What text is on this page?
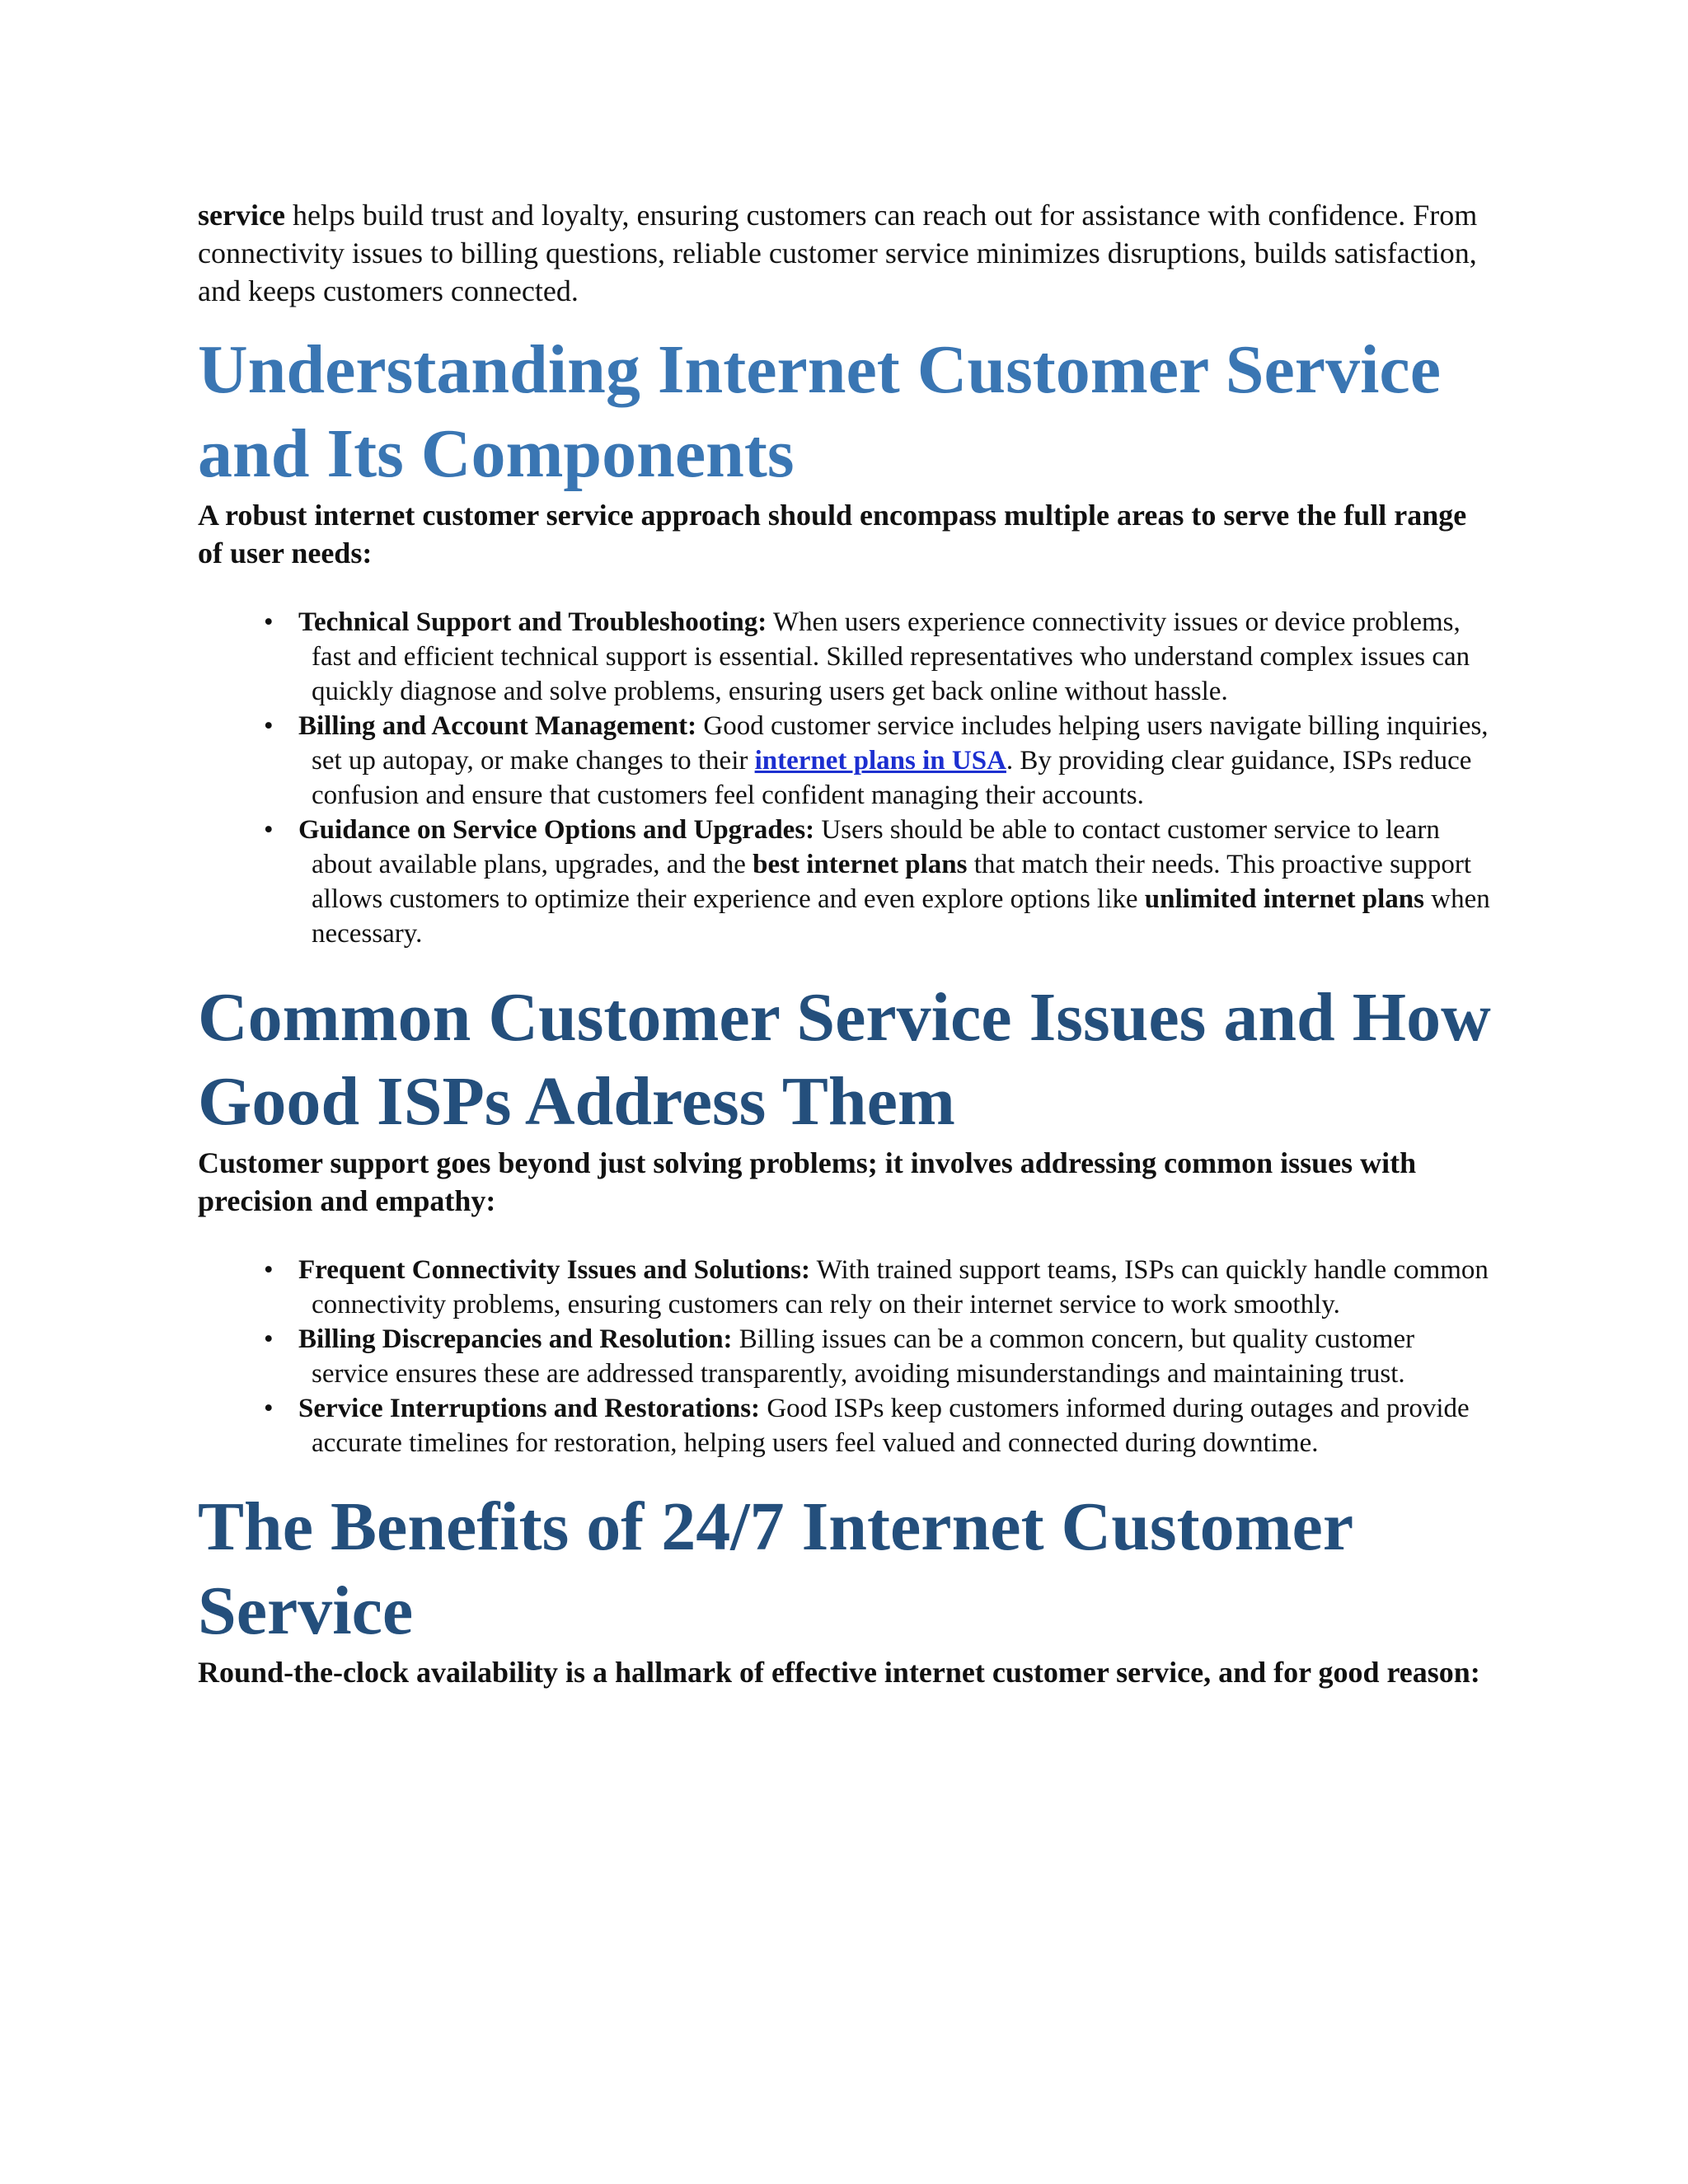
service helps build trust and loyalty, ensuring customers can reach out for assistance with confidence. From connectivity issues to billing questions, reliable customer service minimizes disruptions, builds satisfaction, and keeps customers connected.

Understanding Internet Customer Service and Its Components

A robust internet customer service approach should encompass multiple areas to serve the full range of user needs:

• Technical Support and Troubleshooting: When users experience connectivity issues or device problems, fast and efficient technical support is essential. Skilled representatives who understand complex issues can quickly diagnose and solve problems, ensuring users get back online without hassle.
• Billing and Account Management: Good customer service includes helping users navigate billing inquiries, set up autopay, or make changes to their internet plans in USA. By providing clear guidance, ISPs reduce confusion and ensure that customers feel confident managing their accounts.
• Guidance on Service Options and Upgrades: Users should be able to contact customer service to learn about available plans, upgrades, and the best internet plans that match their needs. This proactive support allows customers to optimize their experience and even explore options like unlimited internet plans when necessary.
Common Customer Service Issues and How Good ISPs Address Them

Customer support goes beyond just solving problems; it involves addressing common issues with precision and empathy:

• Frequent Connectivity Issues and Solutions: With trained support teams, ISPs can quickly handle common connectivity problems, ensuring customers can rely on their internet service to work smoothly.
• Billing Discrepancies and Resolution: Billing issues can be a common concern, but quality customer service ensures these are addressed transparently, avoiding misunderstandings and maintaining trust.
• Service Interruptions and Restorations: Good ISPs keep customers informed during outages and provide accurate timelines for restoration, helping users feel valued and connected during downtime.
The Benefits of 24/7 Internet Customer
Service

Round-the-clock availability is a hallmark of effective internet customer service, and for good reason:
